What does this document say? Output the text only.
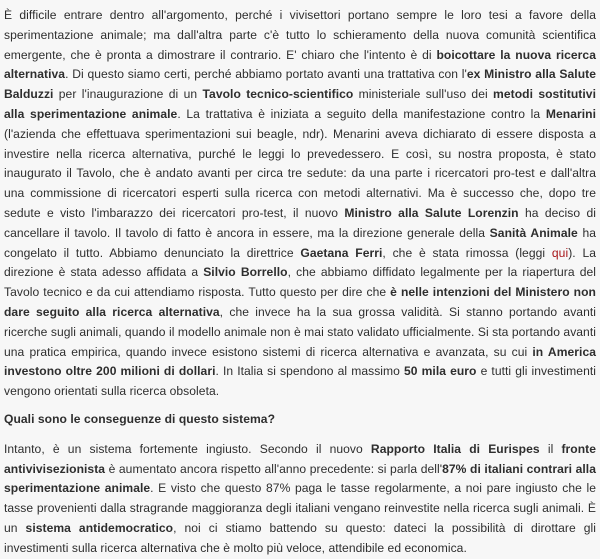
È difficile entrare dentro all'argomento, perché i vivisettori portano sempre le loro tesi a favore della sperimentazione animale; ma dall'altra parte c'è tutto lo schieramento della nuova comunità scientifica emergente, che è pronta a dimostrare il contrario. E' chiaro che l'intento è di boicottare la nuova ricerca alternativa. Di questo siamo certi, perché abbiamo portato avanti una trattativa con l'ex Ministro alla Salute Balduzzi per l'inaugurazione di un Tavolo tecnico-scientifico ministeriale sull'uso dei metodi sostitutivi alla sperimentazione animale. La trattativa è iniziata a seguito della manifestazione contro la Menarini (l'azienda che effettuava sperimentazioni sui beagle, ndr). Menarini aveva dichiarato di essere disposta a investire nella ricerca alternativa, purché le leggi lo prevedessero. E così, su nostra proposta, è stato inaugurato il Tavolo, che è andato avanti per circa tre sedute: da una parte i ricercatori pro-test e dall'altra una commissione di ricercatori esperti sulla ricerca con metodi alternativi. Ma è successo che, dopo tre sedute e visto l'imbarazzo dei ricercatori pro-test, il nuovo Ministro alla Salute Lorenzin ha deciso di cancellare il tavolo. Il tavolo di fatto è ancora in essere, ma la direzione generale della Sanità Animale ha congelato il tutto. Abbiamo denunciato la direttrice Gaetana Ferri, che è stata rimossa (leggi qui). La direzione è stata adesso affidata a Silvio Borrello, che abbiamo diffidato legalmente per la riapertura del Tavolo tecnico e da cui attendiamo risposta. Tutto questo per dire che è nelle intenzioni del Ministero non dare seguito alla ricerca alternativa, che invece ha la sua grossa validità. Si stanno portando avanti ricerche sugli animali, quando il modello animale non è mai stato validato ufficialmente. Si sta portando avanti una pratica empirica, quando invece esistono sistemi di ricerca alternativa e avanzata, su cui in America investono oltre 200 milioni di dollari. In Italia si spendono al massimo 50 mila euro e tutti gli investimenti vengono orientati sulla ricerca obsoleta.

Quali sono le conseguenze di questo sistema?

Intanto, è un sistema fortemente ingiusto. Secondo il nuovo Rapporto Italia di Eurispes il fronte antivivisezionista è aumentato ancora rispetto all'anno precedente: si parla dell'87% di italiani contrari alla sperimentazione animale. E visto che questo 87% paga le tasse regolarmente, a noi pare ingiusto che le tasse provenienti dalla stragrande maggioranza degli italiani vengano reinvestite nella ricerca sugli animali. È un sistema antidemocratico, noi ci stiamo battendo su questo: dateci la possibilità di dirottare gli investimenti sulla ricerca alternativa che è molto più veloce, attendibile ed economica.
